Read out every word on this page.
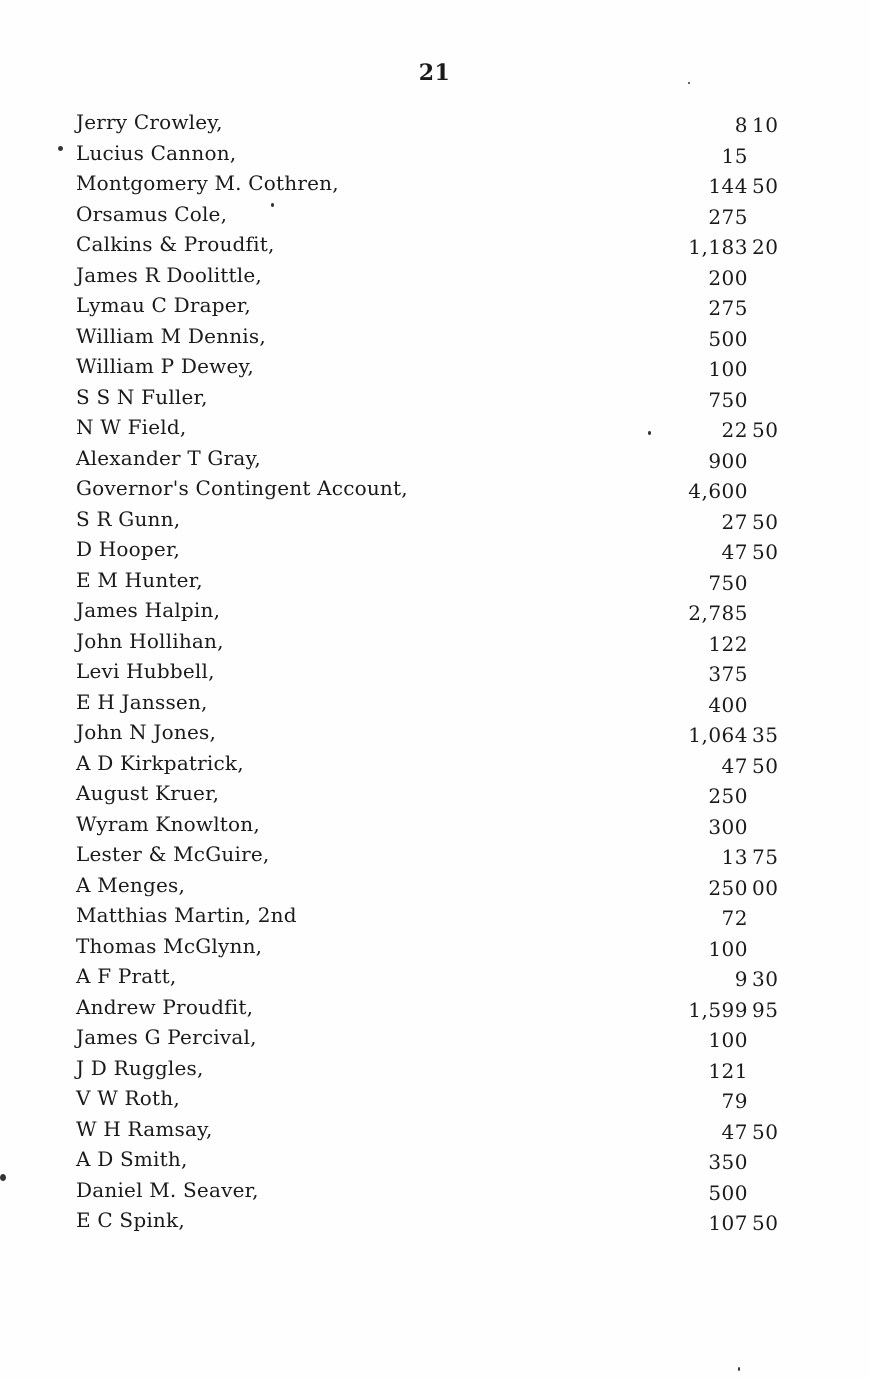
21
Jerry Crowley,	8 10
Lucius Cannon,	15
Montgomery M. Cothren,	144 50
Orsamus Cole,	275
Calkins & Proudfit,	1,183 20
James R Doolittle,	200
Lymau C Draper,	275
William M Dennis,	500
William P Dewey,	100
S S N Fuller,	750
N W Field,	22 50
Alexander T Gray,	900
Governor's Contingent Account,	4,600
S R Gunn,	27 50
D Hooper,	47 50
E M Hunter,	750
James Halpin,	2,785
John Hollihan,	122
Levi Hubbell,	375
E H Janssen,	400
John N Jones,	1,064 35
A D Kirkpatrick,	47 50
August Kruer,	250
Wyram Knowlton,	300
Lester & McGuire,	13 75
A Menges,	250 00
Matthias Martin, 2nd	72
Thomas McGlynn,	100
A F Pratt,	9 30
Andrew Proudfit,	1,599 95
James G Percival,	100
J D Ruggles,	121
V W Roth,	79
W H Ramsay,	47 50
A D Smith,	350
Daniel M. Seaver,	500
E C Spink,	107 50
